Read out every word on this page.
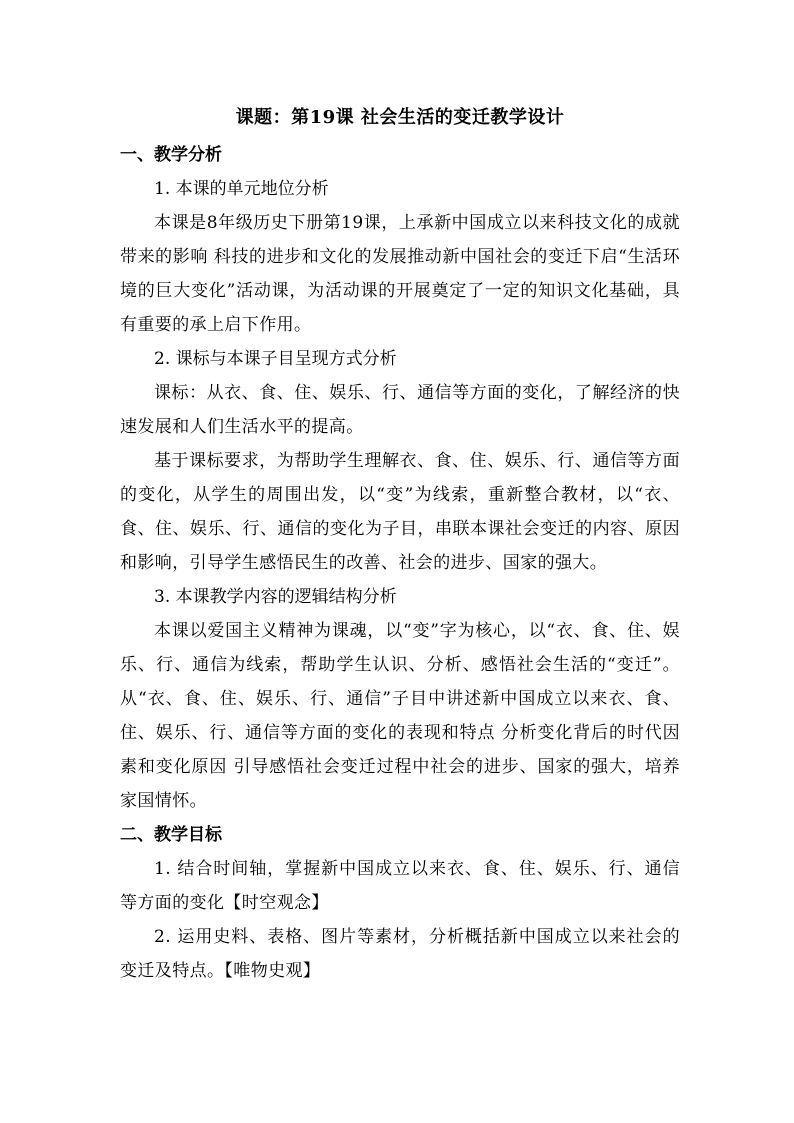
课题：第19课 社会生活的变迁教学设计
一、教学分析
1. 本课的单元地位分析
本课是8年级历史下册第19课，上承新中国成立以来科技文化的成就带来的影响 科技的进步和文化的发展推动新中国社会的变迁下启“生活环境的巨大变化”活动课，为活动课的开展奠定了一定的知识文化基础，具有重要的承上启下作用。
2. 课标与本课子目呈现方式分析
课标：从衣、食、住、娱乐、行、通信等方面的变化，了解经济的快速发展和人们生活水平的提高。
基于课标要求，为帮助学生理解衣、食、住、娱乐、行、通信等方面的变化，从学生的周围出发，以“变”为线索，重新整合教材，以“衣、食、住、娱乐、行、通信的变化为子目，串联本课社会变迁的内容、原因和影响，引导学生感悟民生的改善、社会的进步、国家的强大。
3. 本课教学内容的逻辑结构分析
本课以爱国主义精神为课魂，以“变”字为核心，以“衣、食、住、娱乐、行、通信为线索，帮助学生认识、分析、感悟社会生活的“变迁”。从“衣、食、住、娱乐、行、通信”子目中讲述新中国成立以来衣、食、住、娱乐、行、通信等方面的变化的表现和特点 分析变化背后的时代因素和变化原因 引导感悟社会变迁过程中社会的进步、国家的强大，培养家国情怀。
二、教学目标
1. 结合时间轴，掌握新中国成立以来衣、食、住、娱乐、行、通信等方面的变化【时空观念】
2. 运用史料、表格、图片等素材，分析概括新中国成立以来社会的变迁及特点。【唯物史观】
